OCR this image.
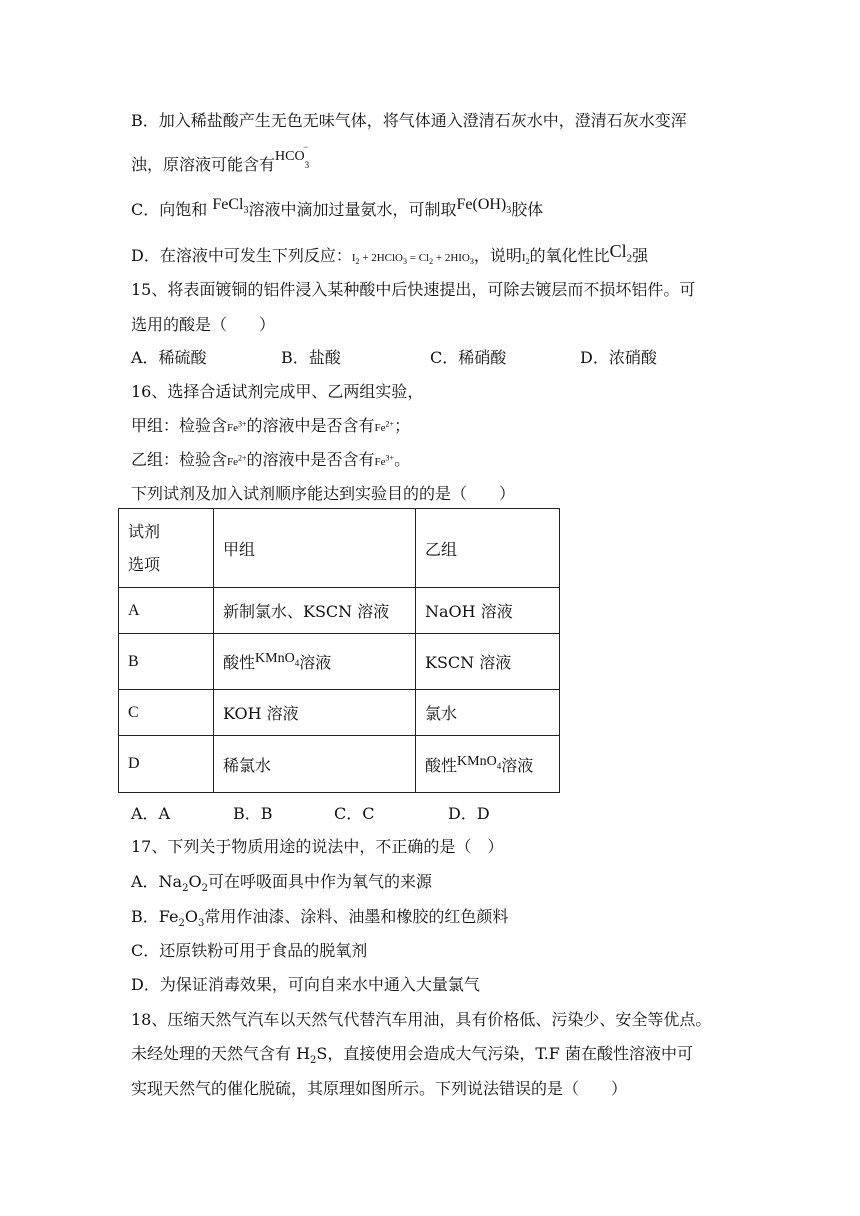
B．加入稀盐酸产生无色无味气体，将气体通入澄清石灰水中，澄清石灰水变浑
浊，原溶液可能含有$HCO_3^-$
C．向饱和 FeCl$_3$溶液中滴加过量氨水，可制取$Fe(OH)_3$胶体
D．在溶液中可发生下列反应：$I_2$ + 2HClO$_3$ = $Cl_2 + 2HIO_3$，说明$I_2$的氧化性比$Cl_2$强
15、将表面镀铜的铝件浸入某种酸中后快速提出，可除去镀层而不损坏铝件。可
选用的酸是（　　）
A．稀硫酸	B．盐酸	C．稀硝酸	D．浓硝酸
16、选择合适试剂完成甲、乙两组实验，
甲组：检验含$Fe^{3+}$的溶液中是否含有$Fe^{2+}$；
乙组：检验含$Fe^{2+}$的溶液中是否含有$Fe^{3+}$。
下列试剂及加入试剂顺序能达到实验目的的是（　　）
试剂
选项	甲组	乙组
A	新制氯水、KSCN 溶液	NaOH 溶液
B	酸性KMnO$_4$溶液	KSCN 溶液
C	KOH 溶液	氯水
D	稀氯水	酸性KMnO$_4$溶液
A．A	B．B	C．C	D．D
17、下列关于物质用途的说法中，不正确的是（　）
A．$Na_2O_2$可在呼吸面具中作为氧气的来源
B．$Fe_2O_3$常用作油漆、涂料、油墨和橡胶的红色颜料
C．还原铁粉可用于食品的脱氧剂
D．为保证消毒效果，可向自来水中通入大量氯气
18、压缩天然气汽车以天然气代替汽车用油，具有价格低、污染少、安全等优点。
未经处理的天然气含有 $H_2S$，直接使用会造成大气污染，T.F 菌在酸性溶液中可
实现天然气的催化脱硫，其原理如图所示。下列说法错误的是（　　）
